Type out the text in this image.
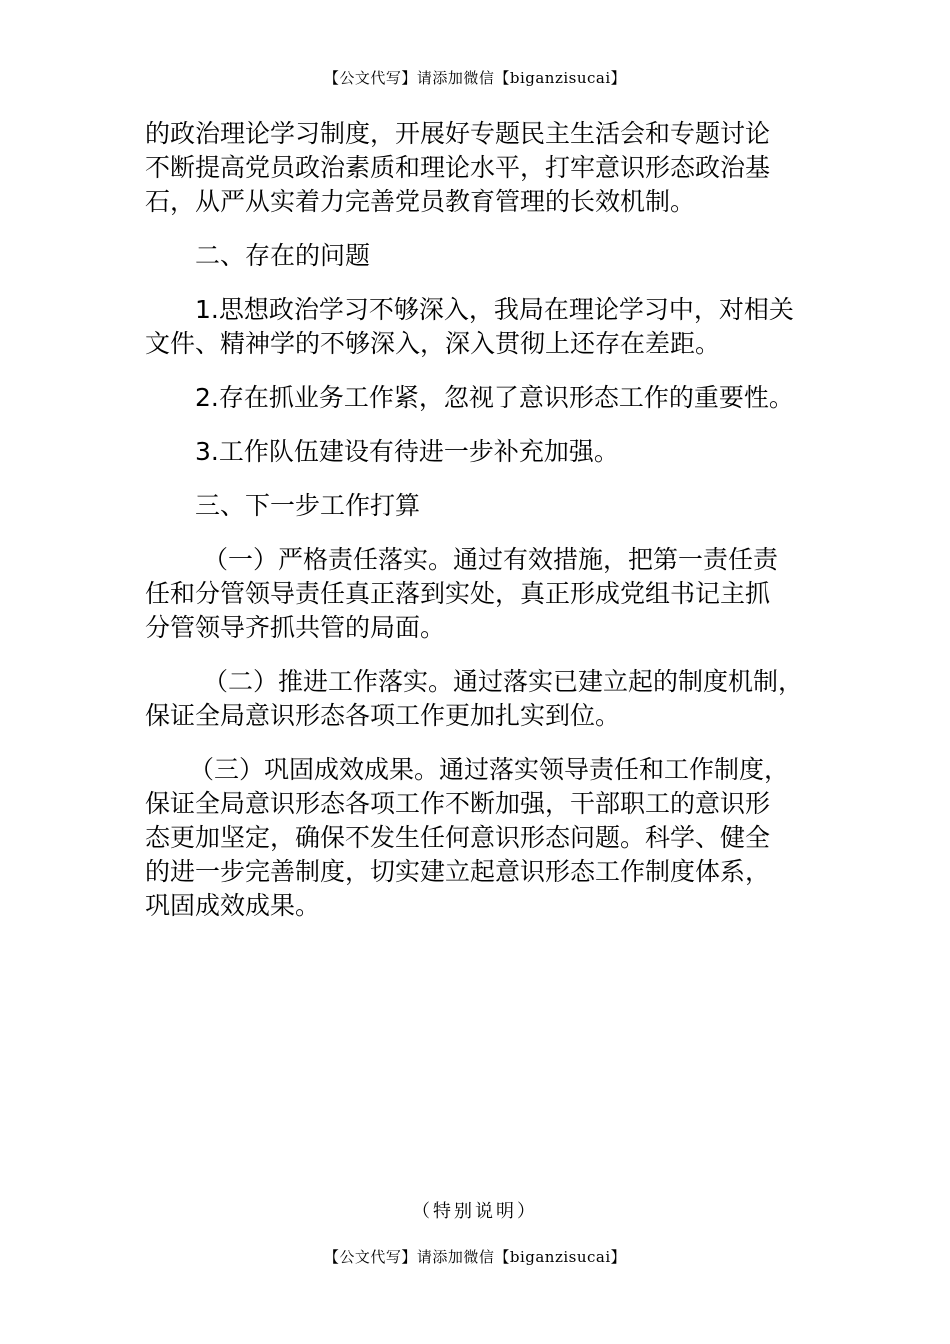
【公文代写】请添加微信【biganzisucai】
的政治理论学习制度，开展好专题民主生活会和专题讨论
不断提高党员政治素质和理论水平，打牢意识形态政治基
石，从严从实着力完善党员教育管理的长效机制。
二、存在的问题
1.思想政治学习不够深入，我局在理论学习中，对相关
文件、精神学的不够深入，深入贯彻上还存在差距。
2.存在抓业务工作紧，忽视了意识形态工作的重要性。
3.工作队伍建设有待进一步补充加强。
三、下一步工作打算
（一）严格责任落实。通过有效措施，把第一责任责
任和分管领导责任真正落到实处，真正形成党组书记主抓
分管领导齐抓共管的局面。
（二）推进工作落实。通过落实已建立起的制度机制，
保证全局意识形态各项工作更加扎实到位。
（三）巩固成效成果。通过落实领导责任和工作制度，
保证全局意识形态各项工作不断加强，干部职工的意识形
态更加坚定，确保不发生任何意识形态问题。科学、健全
的进一步完善制度，切实建立起意识形态工作制度体系，
巩固成效成果。
（特别说明）
【公文代写】请添加微信【biganzisucai】
